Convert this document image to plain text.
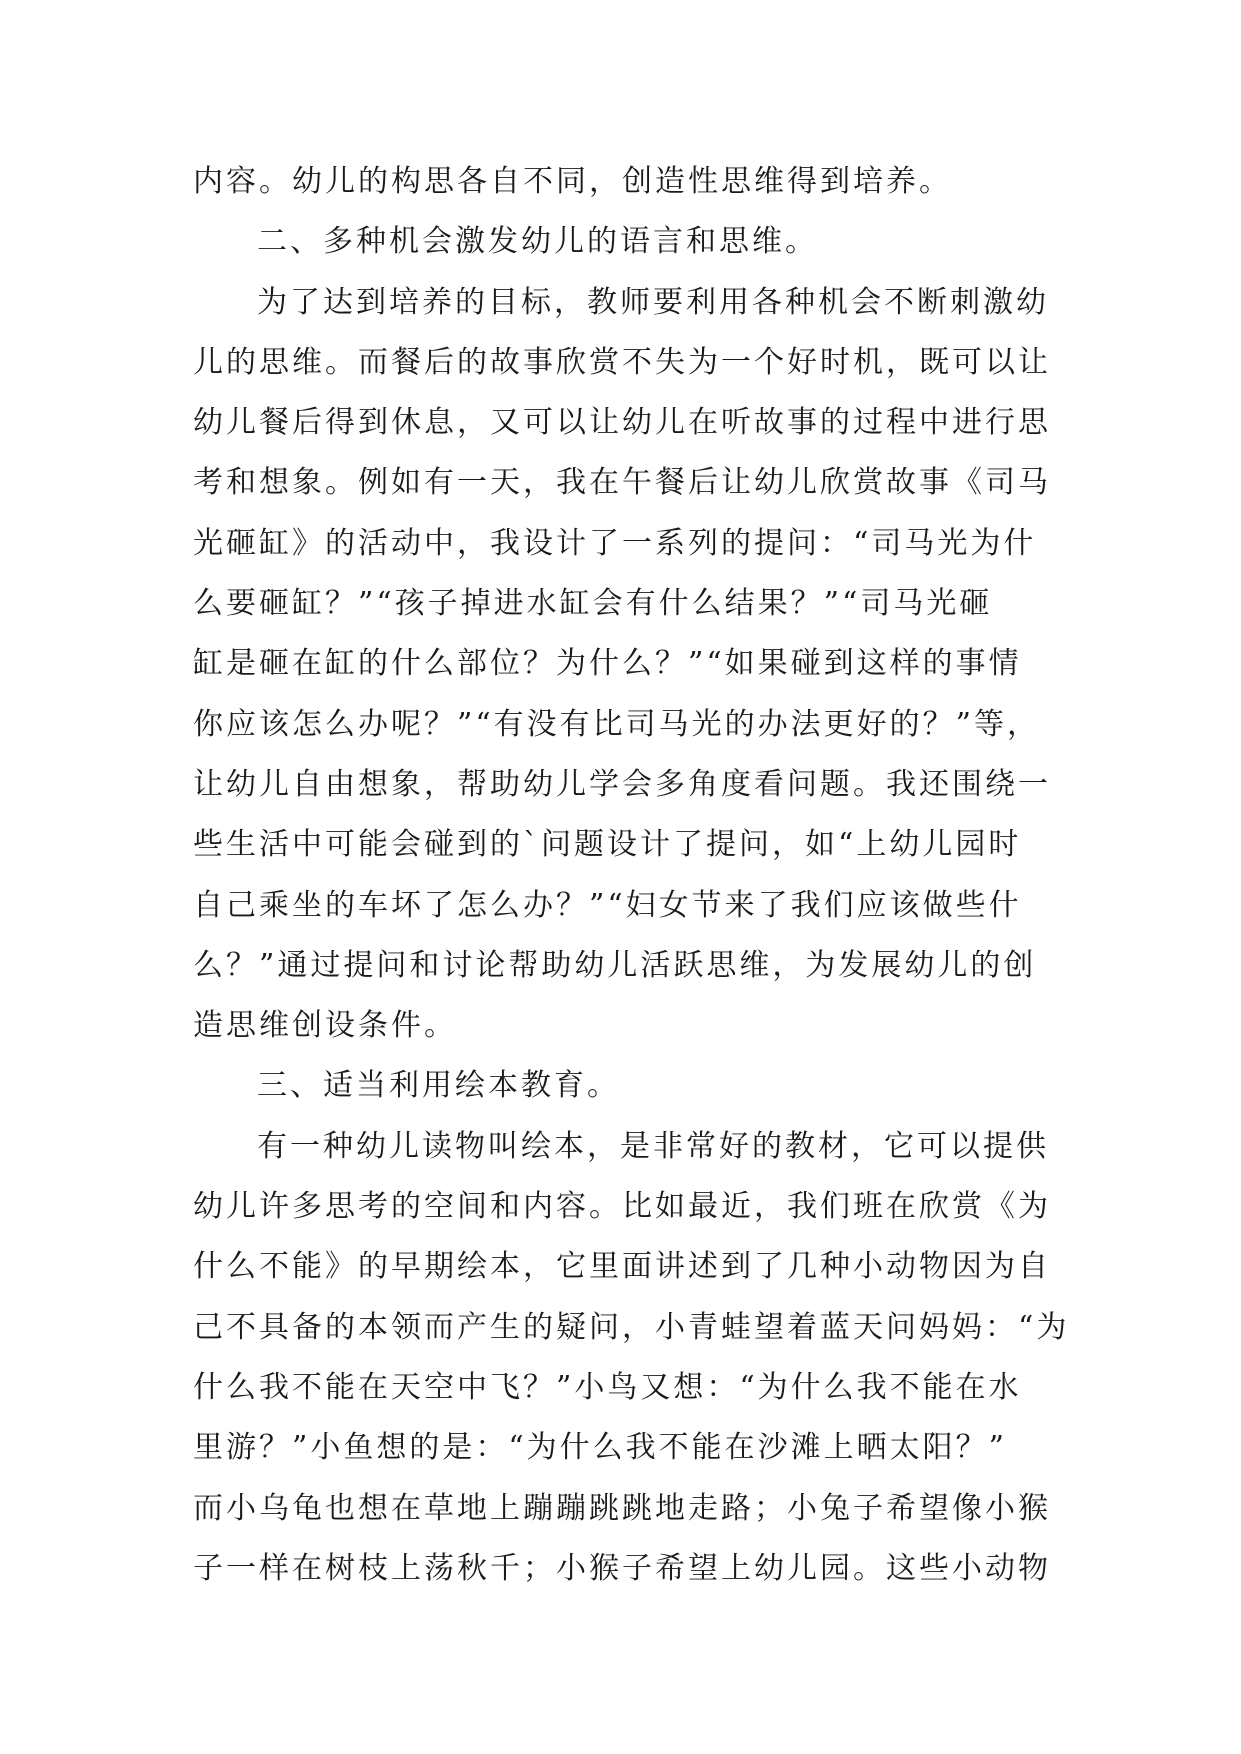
内容。幼儿的构思各自不同，创造性思维得到培养。
二、多种机会激发幼儿的语言和思维。
为了达到培养的目标，教师要利用各种机会不断刺激幼
儿的思维。而餐后的故事欣赏不失为一个好时机，既可以让
幼儿餐后得到休息，又可以让幼儿在听故事的过程中进行思
考和想象。例如有一天，我在午餐后让幼儿欣赏故事《司马
光砸缸》的活动中，我设计了一系列的提问：“司马光为什
么要砸缸？”“孩子掉进水缸会有什么结果？”“司马光砸
缸是砸在缸的什么部位？为什么？”“如果碰到这样的事情
你应该怎么办呢？”“有没有比司马光的办法更好的？”等，
让幼儿自由想象，帮助幼儿学会多角度看问题。我还围绕一
些生活中可能会碰到的`问题设计了提问，如“上幼儿园时
自己乘坐的车坏了怎么办？”“妇女节来了我们应该做些什
么？”通过提问和讨论帮助幼儿活跃思维，为发展幼儿的创
造思维创设条件。
三、适当利用绘本教育。
有一种幼儿读物叫绘本，是非常好的教材，它可以提供
幼儿许多思考的空间和内容。比如最近，我们班在欣赏《为
什么不能》的早期绘本，它里面讲述到了几种小动物因为自
己不具备的本领而产生的疑问，小青蛙望着蓝天问妈妈：“为
什么我不能在天空中飞？”小鸟又想：“为什么我不能在水
里游？”小鱼想的是：“为什么我不能在沙滩上晒太阳？”
而小乌龟也想在草地上蹦蹦跳跳地走路；小兔子希望像小猴
子一样在树枝上荡秋千；小猴子希望上幼儿园。这些小动物
